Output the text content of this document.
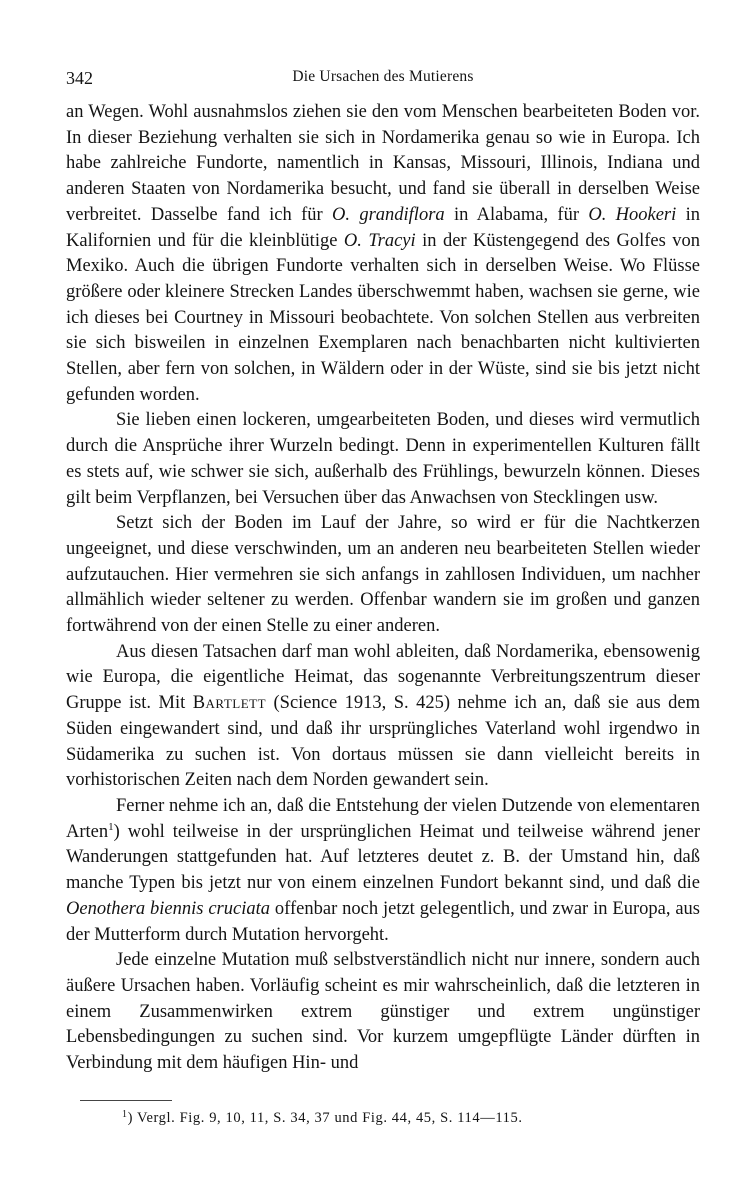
342	Die Ursachen des Mutierens

an Wegen. Wohl ausnahmslos ziehen sie den vom Menschen bearbeiteten Boden vor. In dieser Beziehung verhalten sie sich in Nordamerika genau so wie in Europa. Ich habe zahlreiche Fundorte, namentlich in Kansas, Missouri, Illinois, Indiana und anderen Staaten von Nordamerika besucht, und fand sie überall in derselben Weise verbreitet. Dasselbe fand ich für O. grandiflora in Alabama, für O. Hookeri in Kalifornien und für die kleinblütige O. Tracyi in der Küstengegend des Golfes von Mexiko. Auch die übrigen Fundorte verhalten sich in derselben Weise. Wo Flüsse größere oder kleinere Strecken Landes überschwemmt haben, wachsen sie gerne, wie ich dieses bei Courtney in Missouri beobachtete. Von solchen Stellen aus verbreiten sie sich bisweilen in einzelnen Exemplaren nach benachbarten nicht kultivierten Stellen, aber fern von solchen, in Wäldern oder in der Wüste, sind sie bis jetzt nicht gefunden worden.

Sie lieben einen lockeren, umgearbeiteten Boden, und dieses wird vermutlich durch die Ansprüche ihrer Wurzeln bedingt. Denn in experimentellen Kulturen fällt es stets auf, wie schwer sie sich, außerhalb des Frühlings, bewurzeln können. Dieses gilt beim Verpflanzen, bei Versuchen über das Anwachsen von Stecklingen usw.

Setzt sich der Boden im Lauf der Jahre, so wird er für die Nachtkerzen ungeeignet, und diese verschwinden, um an anderen neu bearbeiteten Stellen wieder aufzutauchen. Hier vermehren sie sich anfangs in zahllosen Individuen, um nachher allmählich wieder seltener zu werden. Offenbar wandern sie im großen und ganzen fortwährend von der einen Stelle zu einer anderen.

Aus diesen Tatsachen darf man wohl ableiten, daß Nordamerika, ebensowenig wie Europa, die eigentliche Heimat, das sogenannte Verbreitungszentrum dieser Gruppe ist. Mit Bartlett (Science 1913, S. 425) nehme ich an, daß sie aus dem Süden eingewandert sind, und daß ihr ursprüngliches Vaterland wohl irgendwo in Südamerika zu suchen ist. Von dortaus müssen sie dann vielleicht bereits in vorhistorischen Zeiten nach dem Norden gewandert sein.

Ferner nehme ich an, daß die Entstehung der vielen Dutzende von elementaren Arten$^1$) wohl teilweise in der ursprünglichen Heimat und teilweise während jener Wanderungen stattgefunden hat. Auf letzteres deutet z. B. der Umstand hin, daß manche Typen bis jetzt nur von einem einzelnen Fundort bekannt sind, und daß die Oenothera biennis cruciata offenbar noch jetzt gelegentlich, und zwar in Europa, aus der Mutterform durch Mutation hervorgeht.

Jede einzelne Mutation muß selbstverständlich nicht nur innere, sondern auch äußere Ursachen haben. Vorläufig scheint es mir wahrscheinlich, daß die letzteren in einem Zusammenwirken extrem günstiger und extrem ungünstiger Lebensbedingungen zu suchen sind. Vor kurzem umgepflügte Länder dürften in Verbindung mit dem häufigen Hin- und

$^1$) Vergl. Fig. 9, 10, 11, S. 34, 37 und Fig. 44, 45, S. 114—115.
